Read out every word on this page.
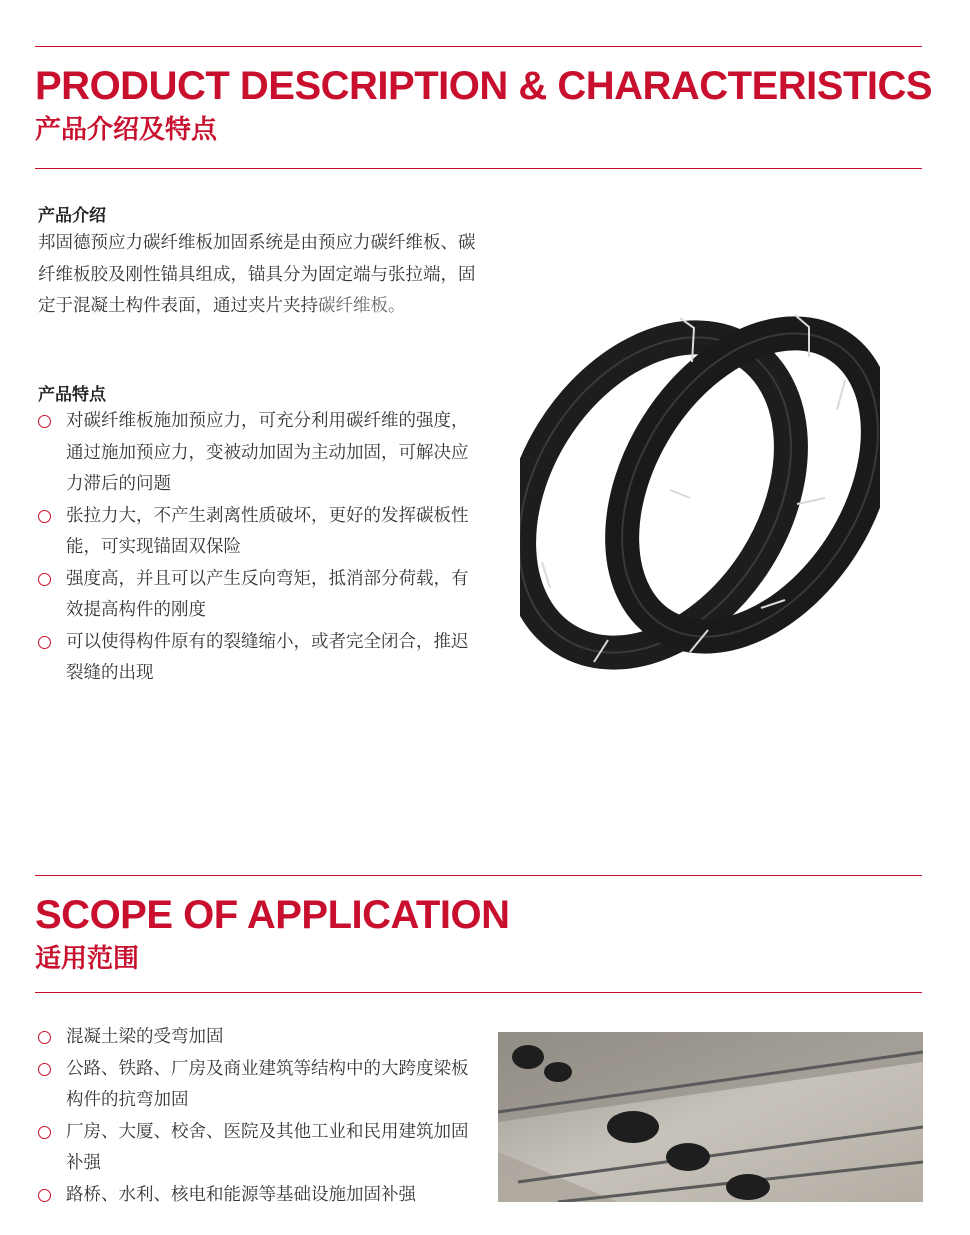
PRODUCT DESCRIPTION & CHARACTERISTICS
产品介绍及特点
产品介绍

邦固德预应力碳纤维板加固系统是由预应力碳纤维板、碳纤维板胶及刚性锚具组成，锚具分为固定端与张拉端，固定于混凝土构件表面，通过夹片夹持碳纤维板。

产品特点
对碳纤维板施加预应力，可充分利用碳纤维的强度，通过施加预应力，变被动加固为主动加固，可解决应力滞后的问题
张拉力大，不产生剥离性质破坏，更好的发挥碳板性能，可实现锚固双保险
强度高，并且可以产生反向弯矩，抵消部分荷载，有效提高构件的刚度
可以使得构件原有的裂缝缩小，或者完全闭合，推迟裂缝的出现
SCOPE OF APPLICATION
适用范围
混凝土梁的受弯加固
公路、铁路、厂房及商业建筑等结构中的大跨度梁板构件的抗弯加固
厂房、大厦、校舍、医院及其他工业和民用建筑加固补强
路桥、水利、核电和能源等基础设施加固补强
